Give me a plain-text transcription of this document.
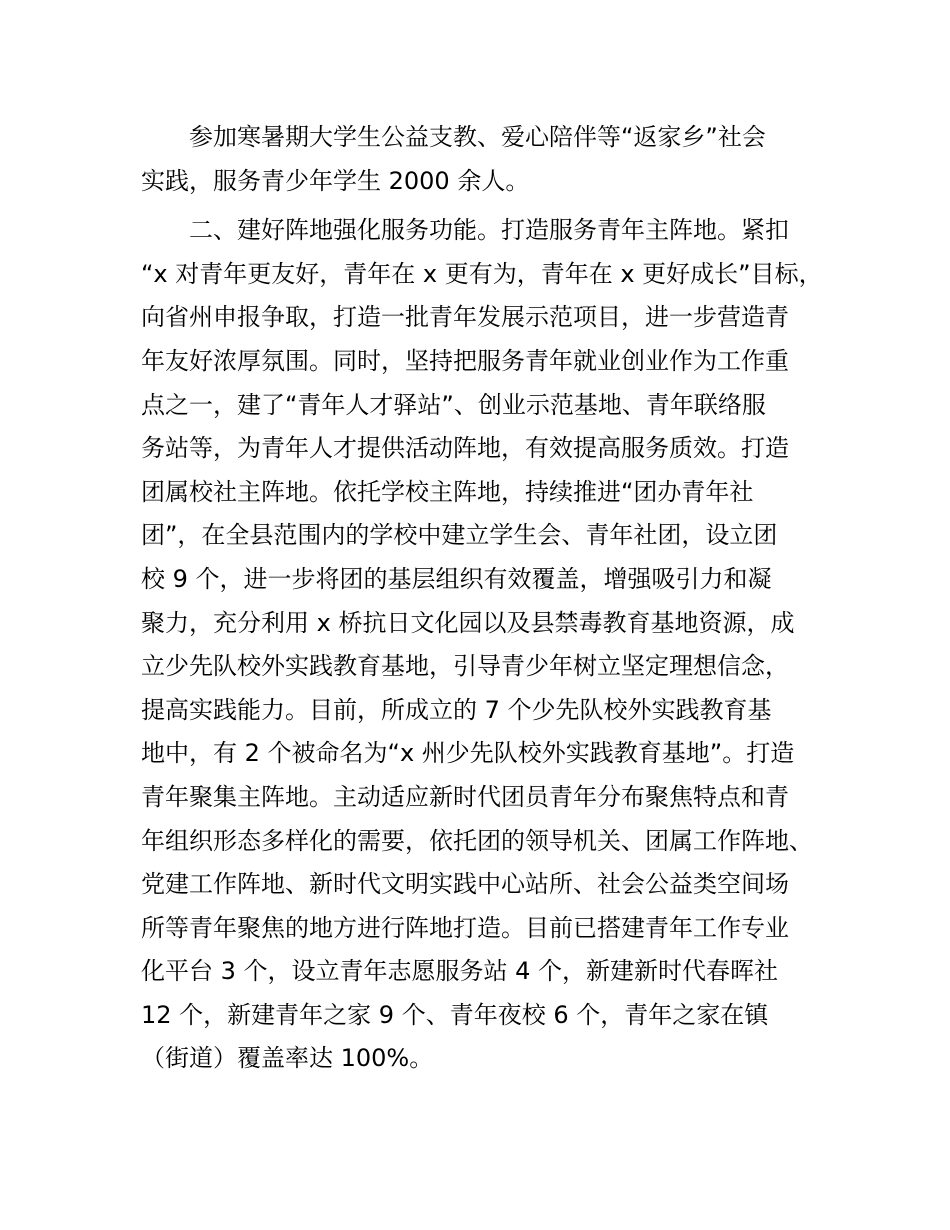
参加寒暑期大学生公益支教、爱心陪伴等“返家乡”社会
实践，服务青少年学生 2000 余人。
二、建好阵地强化服务功能。打造服务青年主阵地。紧扣
“x 对青年更友好，青年在 x 更有为，青年在 x 更好成长”目标，
向省州申报争取，打造一批青年发展示范项目，进一步营造青
年友好浓厚氛围。同时，坚持把服务青年就业创业作为工作重
点之一，建了“青年人才驿站”、创业示范基地、青年联络服
务站等，为青年人才提供活动阵地，有效提高服务质效。打造
团属校社主阵地。依托学校主阵地，持续推进“团办青年社
团”，在全县范围内的学校中建立学生会、青年社团，设立团
校 9 个，进一步将团的基层组织有效覆盖，增强吸引力和凝
聚力，充分利用 x 桥抗日文化园以及县禁毒教育基地资源，成
立少先队校外实践教育基地，引导青少年树立坚定理想信念，
提高实践能力。目前，所成立的 7 个少先队校外实践教育基
地中，有 2 个被命名为“x 州少先队校外实践教育基地”。打造
青年聚集主阵地。主动适应新时代团员青年分布聚焦特点和青
年组织形态多样化的需要，依托团的领导机关、团属工作阵地、
党建工作阵地、新时代文明实践中心站所、社会公益类空间场
所等青年聚焦的地方进行阵地打造。目前已搭建青年工作专业
化平台 3 个，设立青年志愿服务站 4 个，新建新时代春晖社
12 个，新建青年之家 9 个、青年夜校 6 个，青年之家在镇
（街道）覆盖率达 100%。
